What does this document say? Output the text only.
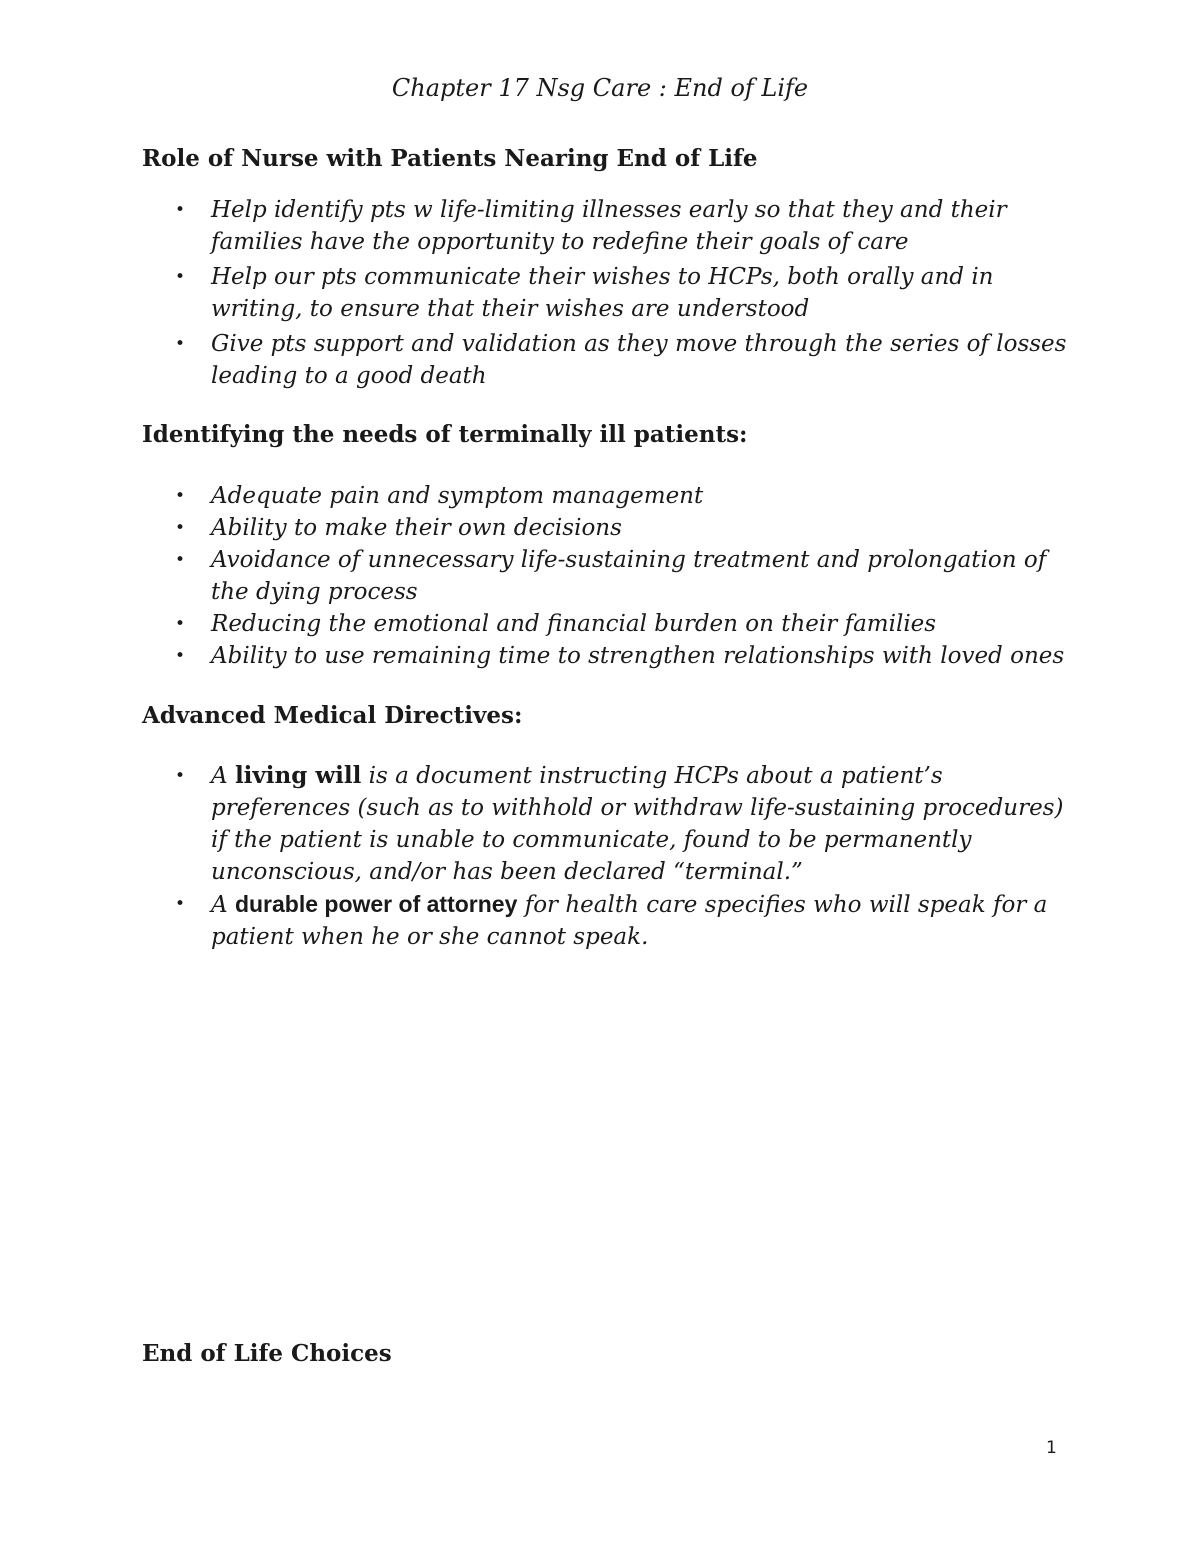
Chapter 17 Nsg Care : End of Life
Role of Nurse with Patients Nearing End of Life
• Help identify pts w life-limiting illnesses early so that they and their families have the opportunity to redefine their goals of care
• Help our pts communicate their wishes to HCPs, both orally and in writing, to ensure that their wishes are understood
• Give pts support and validation as they move through the series of losses leading to a good death
Identifying the needs of terminally ill patients:
• Adequate pain and symptom management
• Ability to make their own decisions
• Avoidance of unnecessary life-sustaining treatment and prolongation of the dying process
• Reducing the emotional and financial burden on their families
• Ability to use remaining time to strengthen relationships with loved ones
Advanced Medical Directives:
• A living will is a document instructing HCPs about a patient’s preferences (such as to withhold or withdraw life-sustaining procedures) if the patient is unable to communicate, found to be permanently unconscious, and/or has been declared “terminal.”
• A durable power of attorney for health care specifies who will speak for a patient when he or she cannot speak.
End of Life Choices
1
